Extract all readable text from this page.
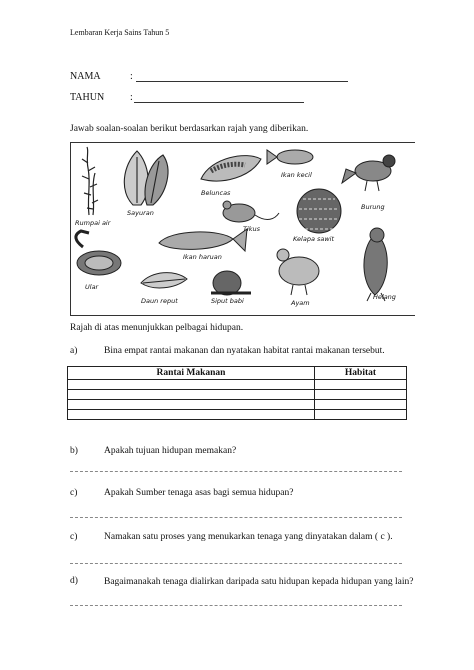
Lembaran Kerja Sains Tahun 5
NAMA	:
TAHUN	:
Jawab soalan-soalan berikut berdasarkan rajah yang diberikan.
Rumpai air
Sayuran
Beluncas
Ikan kecil
Burung
Tikus
Kelapa sawit
Ikan haruan
Ular
Daun reput	Siput babi	Ayam
Helang
Rajah di atas menunjukkan pelbagai hidupan.
a)	Bina empat rantai makanan dan nyatakan habitat rantai makanan tersebut.
Rantai Makanan	Habitat

b)	Apakah tujuan hidupan memakan?
c)	Apakah Sumber tenaga asas bagi semua hidupan?
c)	Namakan satu proses yang menukarkan tenaga yang dinyatakan dalam ( c ).
d)	Bagaimanakah tenaga dialirkan daripada satu hidupan kepada hidupan yang lain?
